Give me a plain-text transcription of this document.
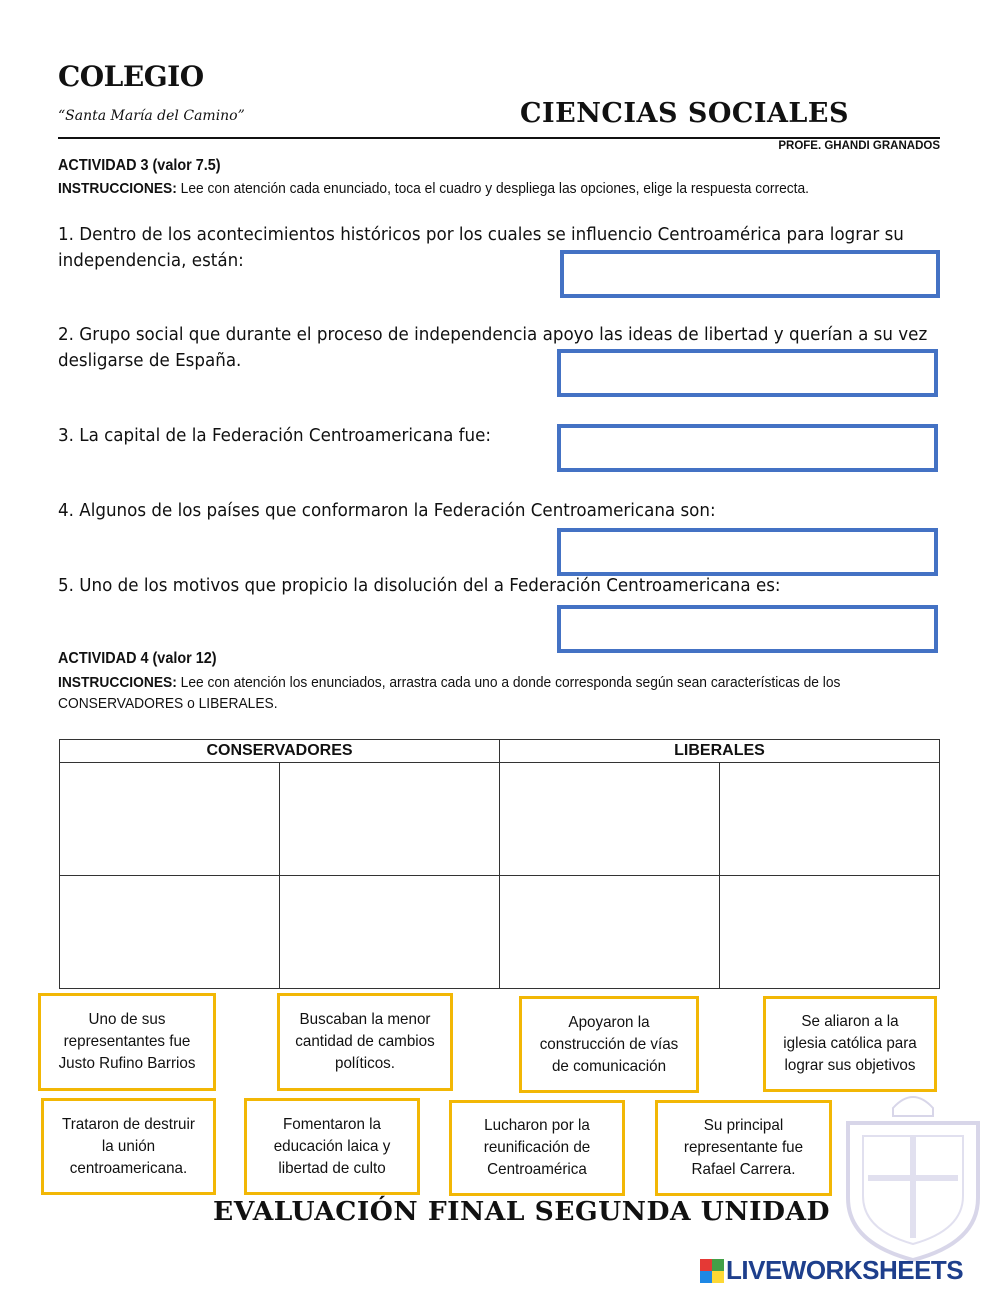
COLEGIO
“Santa María del Camino”	CIENCIAS SOCIALES
PROFE. GHANDI GRANADOS
ACTIVIDAD 3 (valor 7.5)
INSTRUCCIONES: Lee con atención cada enunciado, toca el cuadro y despliega las opciones, elige la respuesta correcta.
1. Dentro de los acontecimientos históricos por los cuales se influencio Centroamérica para lograr su independencia, están:
2. Grupo social que durante el proceso de independencia apoyo las ideas de libertad y querían a su vez desligarse de España.
3. La capital de la Federación Centroamericana fue:
4. Algunos de los países que conformaron la Federación Centroamericana son:
5. Uno de los motivos que propicio la disolución del a Federación Centroamericana es:
ACTIVIDAD 4 (valor 12)
INSTRUCCIONES: Lee con atención los enunciados, arrastra cada uno a donde corresponda según sean características de los CONSERVADORES o LIBERALES.
CONSERVADORES		LIBERALES	

Uno de sus representantes fue Justo Rufino Barrios
Buscaban la menor cantidad de cambios políticos.
Apoyaron la construcción de vías de comunicación
Se aliaron a la iglesia católica para lograr sus objetivos
Trataron de destruir la unión centroamericana.
Fomentaron la educación laica y libertad de culto
Lucharon por la reunificación de Centroamérica
Su principal representante fue Rafael Carrera.
EVALUACIÓN FINAL SEGUNDA UNIDAD
LIVEWORKSHEETS
